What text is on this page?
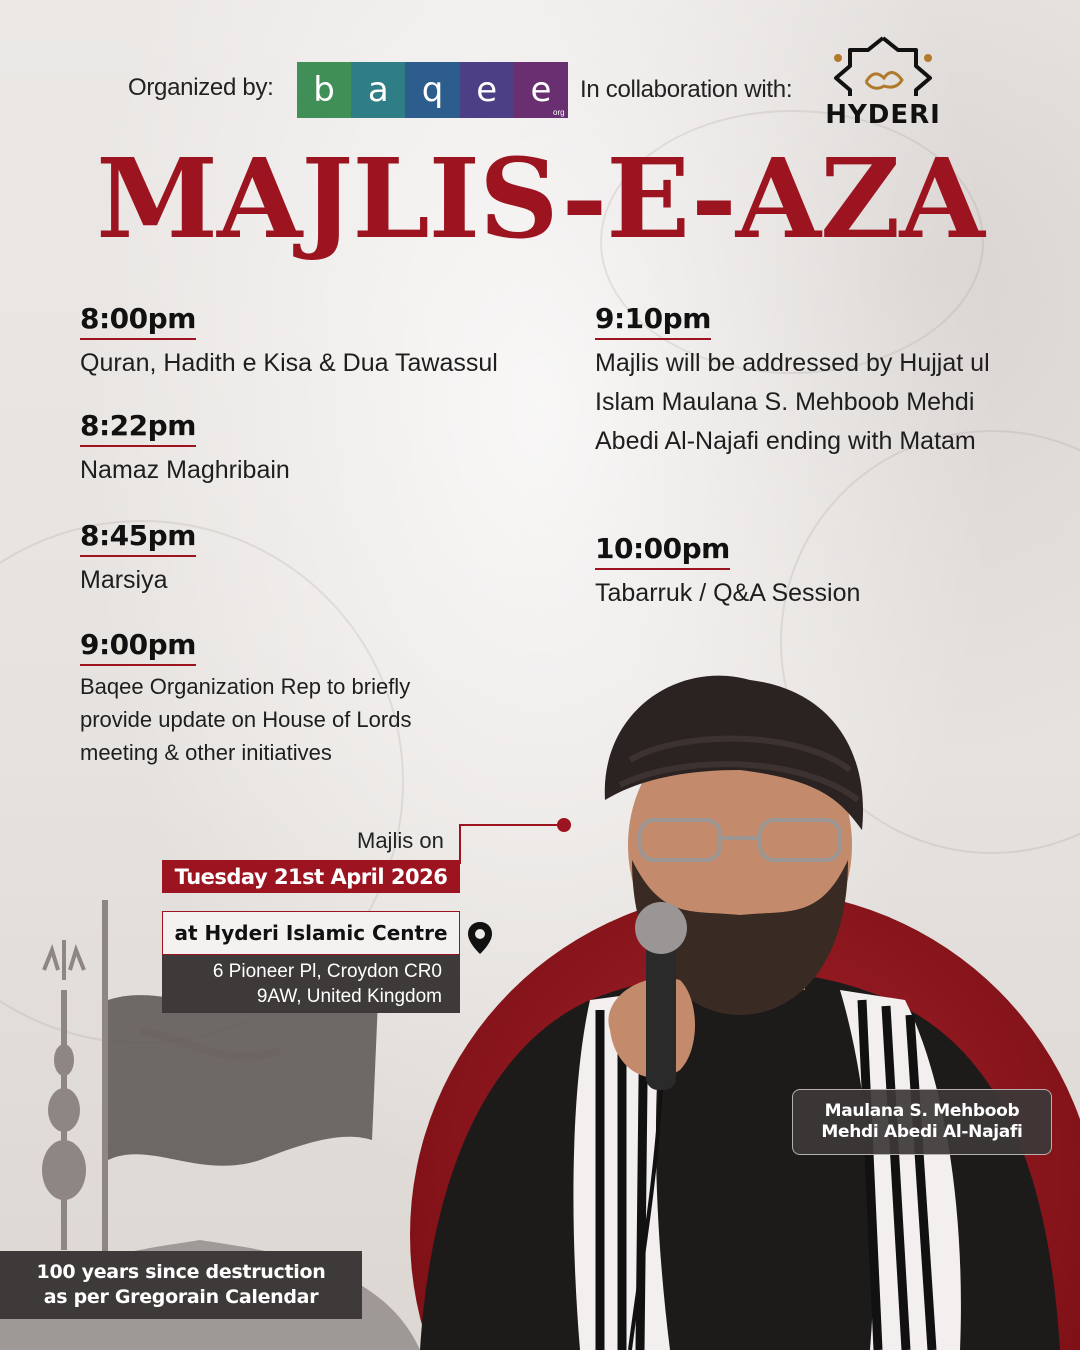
Organized by:	b a q e e
org
In collaboration with:
HYDERI
MAJLIS-E-AZA
8:00pm
Quran, Hadith e Kisa & Dua Tawassul
8:22pm
Namaz Maghribain
8:45pm
Marsiya
9:00pm
Baqee Organization Rep to briefly provide update on House of Lords meeting & other initiatives
9:10pm
Majlis will be addressed by Hujjat ul Islam Maulana S. Mehboob Mehdi Abedi Al-Najafi ending with Matam
10:00pm
Tabarruk / Q&A Session
Maulana S. Mehboob
Mehdi Abedi Al-Najafi
Majlis on
Tuesday 21st April 2026
at Hyderi Islamic Centre
6 Pioneer Pl, Croydon CR0
9AW, United Kingdom
100 years since destruction
as per Gregorain Calendar
